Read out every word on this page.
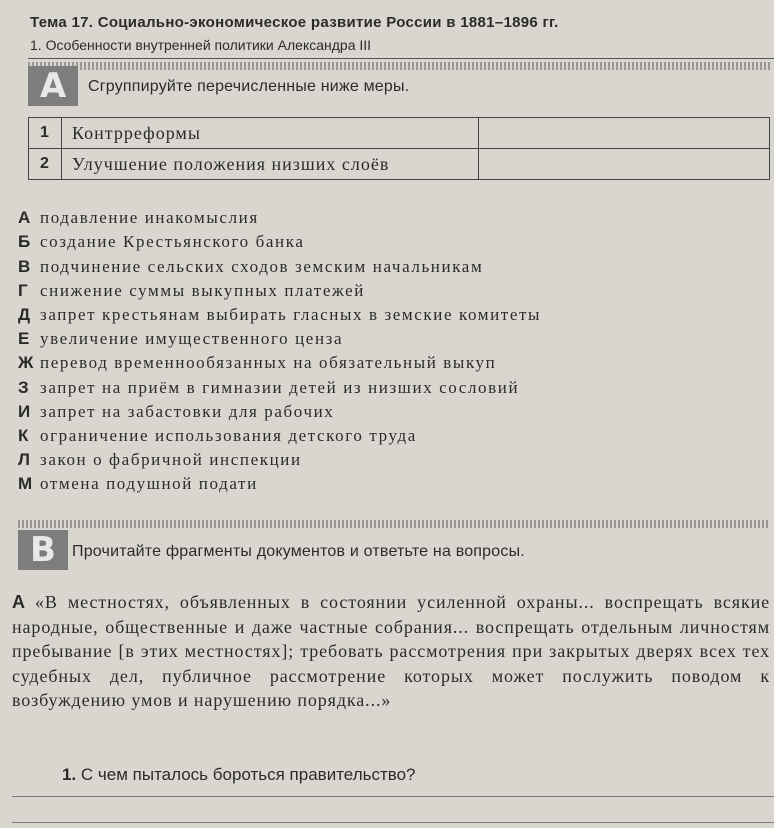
Тема 17. Социально-экономическое развитие России в 1881–1896 гг.
1. Особенности внутренней политики Александра III
А	Сгруппируйте перечисленные ниже меры.
1	Контрреформы	
2	Улучшение положения низших слоёв	
А подавление инакомыслия
Б создание Крестьянского банка
В подчинение сельских сходов земским начальникам
Г снижение суммы выкупных платежей
Д запрет крестьянам выбирать гласных в земские комитеты
Е увеличение имущественного ценза
Ж перевод временнообязанных на обязательный выкуп
З запрет на приём в гимназии детей из низших сословий
И запрет на забастовки для рабочих
К ограничение использования детского труда
Л закон о фабричной инспекции
М отмена подушной подати
В	Прочитайте фрагменты документов и ответьте на вопросы.
А «В местностях, объявленных в состоянии усиленной охраны... воспрещать всякие народные, общественные и даже частные собрания... воспрещать отдельным личностям пребывание [в этих местностях]; требовать рассмотрения при закрытых дверях всех тех судебных дел, публичное рассмотрение которых может послужить поводом к возбуждению умов и нарушению порядка...»
1. С чем пыталось бороться правительство?
